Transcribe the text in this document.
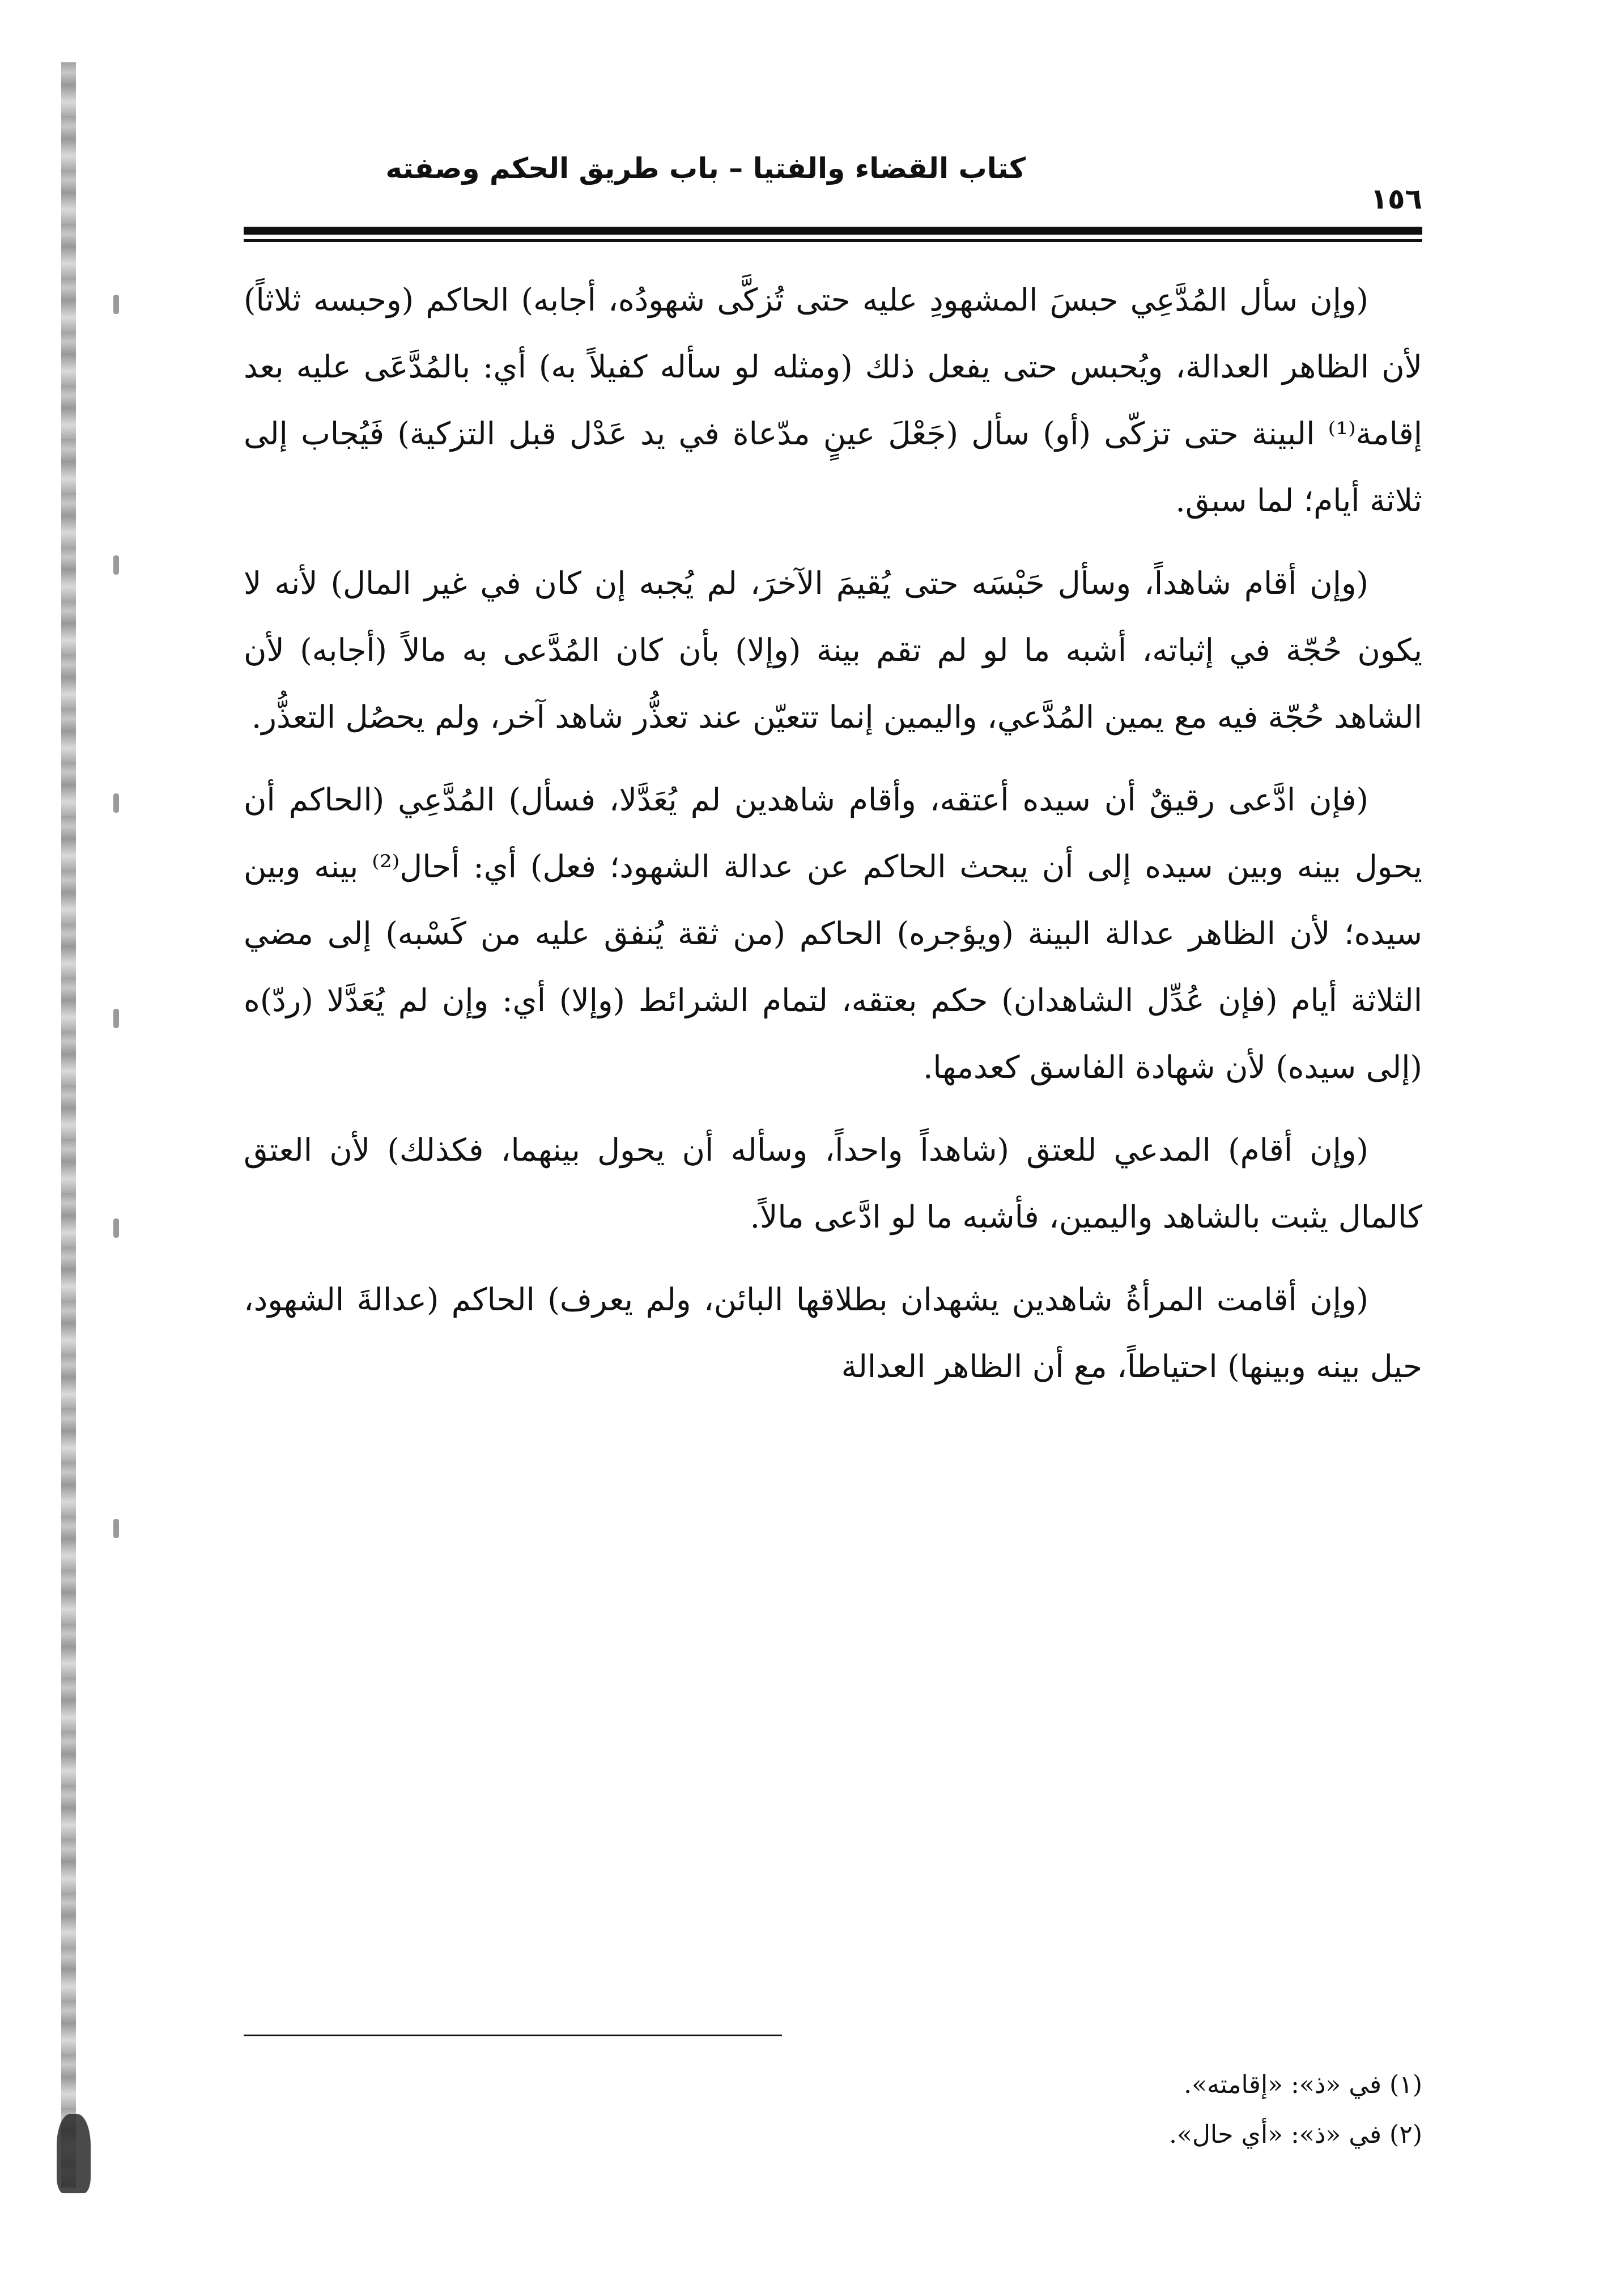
١٥٦
كتاب القضاء والفتيا – باب طريق الحكم وصفته

(وإن سأل المُدَّعِي حبسَ المشهودِ عليه حتى تُزكَّى شهودُه، أجابه) الحاكم (وحبسه ثلاثاً) لأن الظاهر العدالة، ويُحبس حتى يفعل ذلك (ومثله لو سأله كفيلاً به) أي: بالمُدَّعَى عليه بعد إقامة⁽¹⁾ البينة حتى تزكّى (أو) سأل (جَعْلَ عينٍ مدّعاة في يد عَدْل قبل التزكية) فَيُجاب إلى ثلاثة أيام؛ لما سبق.

(وإن أقام شاهداً، وسأل حَبْسَه حتى يُقيمَ الآخرَ، لم يُجبه إن كان في غير المال) لأنه لا يكون حُجّة في إثباته، أشبه ما لو لم تقم بينة (وإلا) بأن كان المُدَّعى به مالاً (أجابه) لأن الشاهد حُجّة فيه مع يمين المُدَّعي، واليمين إنما تتعيّن عند تعذُّر شاهد آخر، ولم يحصُل التعذُّر.

(فإن ادَّعى رقيقٌ أن سيده أعتقه، وأقام شاهدين لم يُعَدَّلا، فسأل) المُدَّعِي (الحاكم أن يحول بينه وبين سيده إلى أن يبحث الحاكم عن عدالة الشهود؛ فعل) أي: أحال⁽²⁾ بينه وبين سيده؛ لأن الظاهر عدالة البينة (ويؤجره) الحاكم (من ثقة يُنفق عليه من كَسْبه) إلى مضي الثلاثة أيام (فإن عُدِّل الشاهدان) حكم بعتقه، لتمام الشرائط (وإلا) أي: وإن لم يُعَدَّلا (ردّ)ه (إلى سيده) لأن شهادة الفاسق كعدمها.

(وإن أقام) المدعي للعتق (شاهداً واحداً، وسأله أن يحول بينهما، فكذلك) لأن العتق كالمال يثبت بالشاهد واليمين، فأشبه ما لو ادَّعى مالاً.

(وإن أقامت المرأةُ شاهدين يشهدان بطلاقها البائن، ولم يعرف) الحاكم (عدالةَ الشهود، حيل بينه وبينها) احتياطاً، مع أن الظاهر العدالة

(١) في «ذ»: «إقامته».
(٢) في «ذ»: «أي حال».
